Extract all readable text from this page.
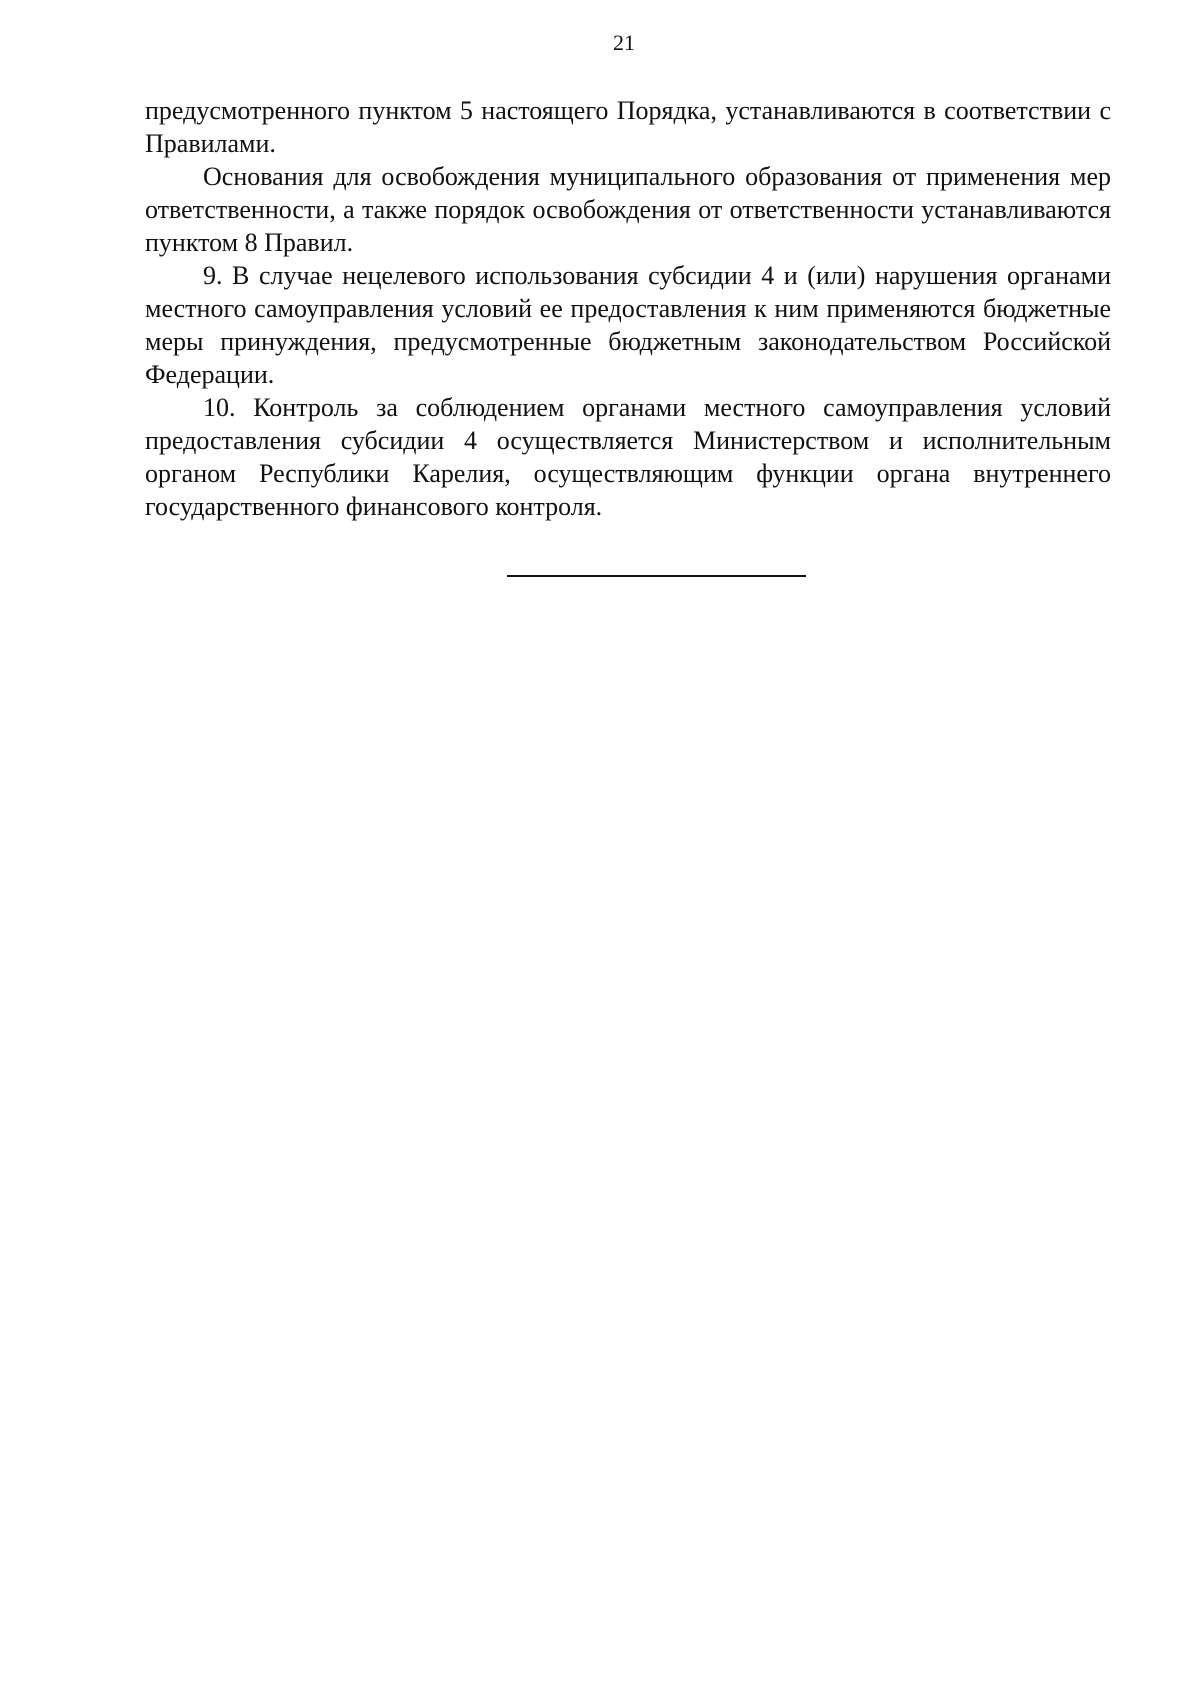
21

предусмотренного пунктом 5 настоящего Порядка, устанавливаются в соответствии с Правилами.

Основания для освобождения муниципального образования от применения мер ответственности, а также порядок освобождения от ответственности устанавливаются пунктом 8 Правил.

9. В случае нецелевого использования субсидии 4 и (или) нарушения органами местного самоуправления условий ее предоставления к ним применяются бюджетные меры принуждения, предусмотренные бюджетным законодательством Российской Федерации.

10. Контроль за соблюдением органами местного самоуправления условий предоставления субсидии 4 осуществляется Министерством и исполнительным органом Республики Карелия, осуществляющим функции органа внутреннего государственного финансового контроля.
